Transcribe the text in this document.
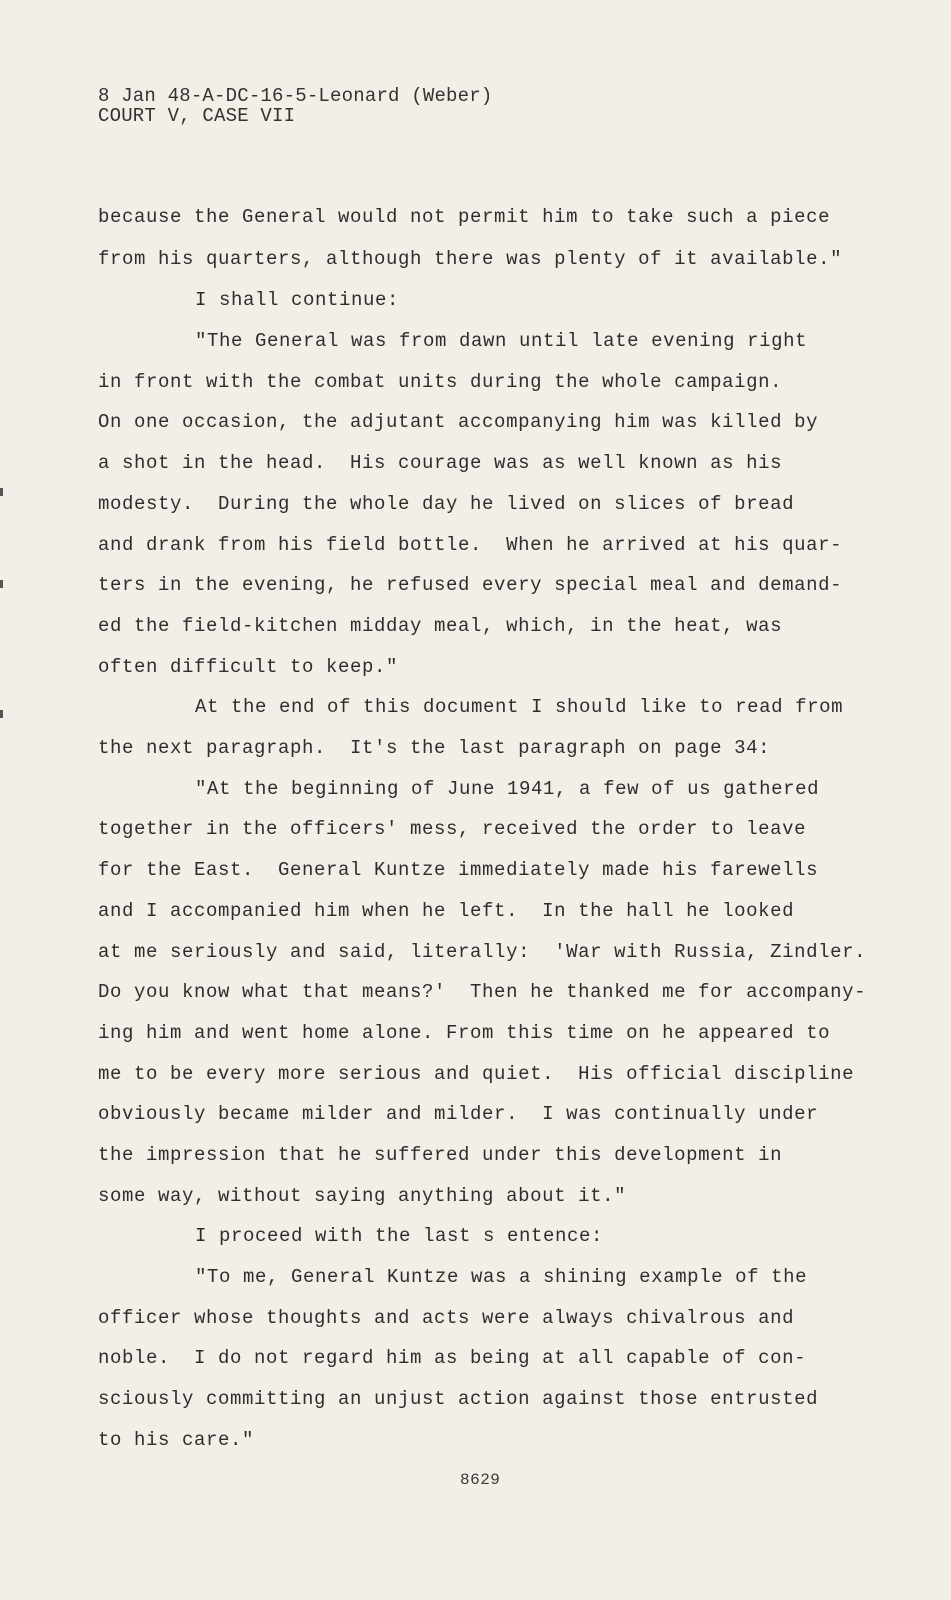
8 Jan 48-A-DC-16-5-Leonard (Weber)
COURT V, CASE VII
because the General would not permit him to take such a piece
from his quarters, although there was plenty of it available."
I shall continue:
"The General was from dawn until late evening right
in front with the combat units during the whole campaign.
On one occasion, the adjutant accompanying him was killed by
a shot in the head.  His courage was as well known as his
modesty.  During the whole day he lived on slices of bread
and drank from his field bottle.  When he arrived at his quar-
ters in the evening, he refused every special meal and demand-
ed the field-kitchen midday meal, which, in the heat, was
often difficult to keep."
At the end of this document I should like to read from
the next paragraph.  It's the last paragraph on page 34:
"At the beginning of June 1941, a few of us gathered
together in the officers' mess, received the order to leave
for the East.  General Kuntze immediately made his farewells
and I accompanied him when he left.  In the hall he looked
at me seriously and said, literally:  'War with Russia, Zindler.
Do you know what that means?'  Then he thanked me for accompany-
ing him and went home alone. From this time on he appeared to
me to be every more serious and quiet.  His official discipline
obviously became milder and milder.  I was continually under
the impression that he suffered under this development in
some way, without saying anything about it."
I proceed with the last s entence:
"To me, General Kuntze was a shining example of the
officer whose thoughts and acts were always chivalrous and
noble.  I do not regard him as being at all capable of con-
sciously committing an unjust action against those entrusted
to his care."
8629
